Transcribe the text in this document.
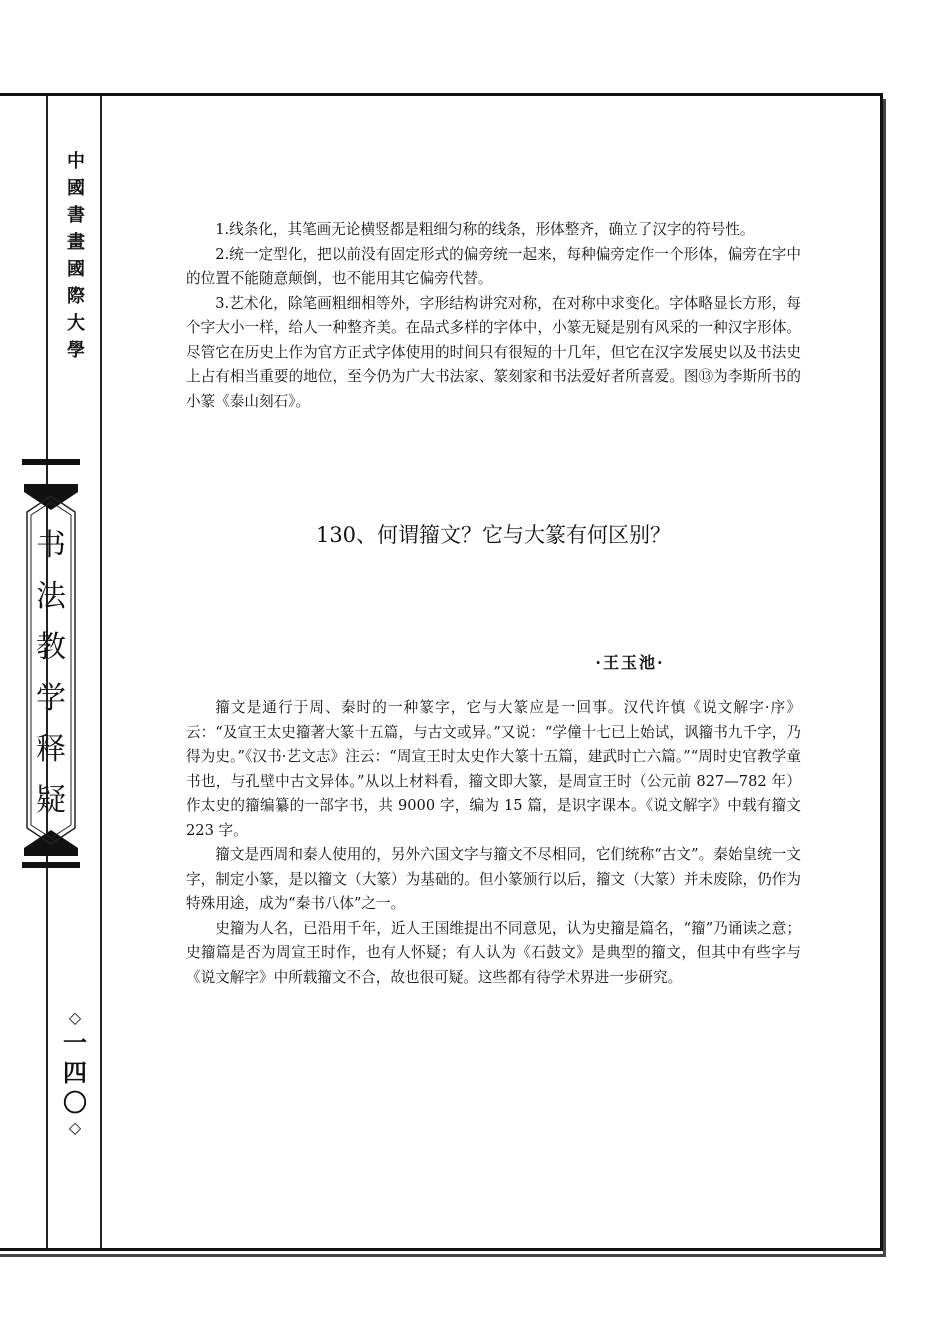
中
國
書
畫
國
際
大
學
书
法
教
学
释
疑
◇
一
四
〇
◇

1.线条化，其笔画无论横竖都是粗细匀称的线条，形体整齐，确立了汉字的符号性。

2.统一定型化，把以前没有固定形式的偏旁统一起来，每种偏旁定作一个形体，偏旁在字中的位置不能随意颠倒，也不能用其它偏旁代替。

3.艺术化，除笔画粗细相等外，字形结构讲究对称，在对称中求变化。字体略显长方形，每个字大小一样，给人一种整齐美。在品式多样的字体中，小篆无疑是别有风采的一种汉字形体。尽管它在历史上作为官方正式字体使用的时间只有很短的十几年，但它在汉字发展史以及书法史上占有相当重要的地位，至今仍为广大书法家、篆刻家和书法爱好者所喜爱。图⑬为李斯所书的小篆《泰山刻石》。

130、何谓籀文？它与大篆有何区别？
·王玉池·

籀文是通行于周、秦时的一种篆字，它与大篆应是一回事。汉代许慎《说文解字·序》云：“及宣王太史籀著大篆十五篇，与古文或异。”又说：“学僮十七已上始试，讽籀书九千字，乃得为史。”《汉书·艺文志》注云：“周宣王时太史作大篆十五篇，建武时亡六篇。”“周时史官教学童书也，与孔壁中古文异体。”从以上材料看，籀文即大篆，是周宣王时（公元前 827—782 年）作太史的籀编纂的一部字书，共 9000 字，编为 15 篇，是识字课本。《说文解字》中载有籀文 223 字。

籀文是西周和秦人使用的，另外六国文字与籀文不尽相同，它们统称“古文”。秦始皇统一文字，制定小篆，是以籀文（大篆）为基础的。但小篆颁行以后，籀文（大篆）并未废除，仍作为特殊用途，成为“秦书八体”之一。

史籀为人名，已沿用千年，近人王国维提出不同意见，认为史籀是篇名，“籀”乃诵读之意；史籀篇是否为周宣王时作，也有人怀疑；有人认为《石鼓文》是典型的籀文，但其中有些字与《说文解字》中所载籀文不合，故也很可疑。这些都有待学术界进一步研究。
